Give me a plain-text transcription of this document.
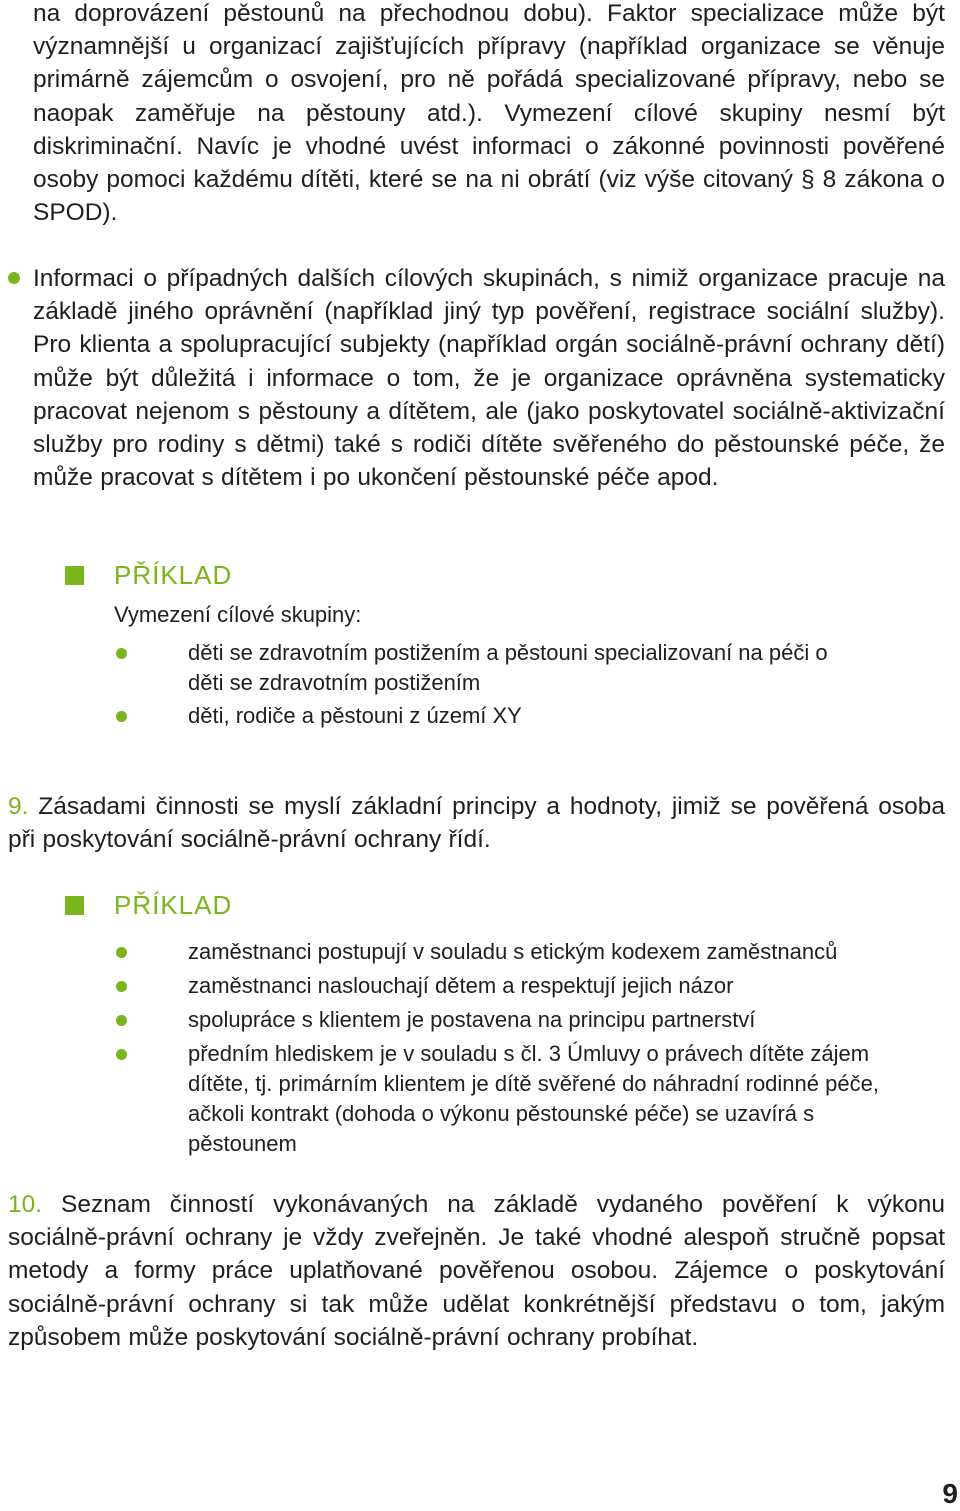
na doprovázení pěstounů na přechodnou dobu). Faktor specializace může být významnější u organizací zajišťujících přípravy (například organizace se věnuje primárně zájemcům o osvojení, pro ně pořádá specializované přípravy, nebo se naopak zaměřuje na pěstouny atd.). Vymezení cílové skupiny nesmí být diskriminační. Navíc je vhodné uvést informaci o zákonné povinnosti pověřené osoby pomoci každému dítěti, které se na ni obrátí (viz výše citovaný § 8 zákona o SPOD).

Informaci o případných dalších cílových skupinách, s nimiž organizace pracuje na základě jiného oprávnění (například jiný typ pověření, registrace sociální služby). Pro klienta a spolupracující subjekty (například orgán sociálně-právní ochrany dětí) může být důležitá i informace o tom, že je organizace oprávněna systematicky pracovat nejenom s pěstouny a dítětem, ale (jako poskytovatel sociálně-aktivizační služby pro rodiny s dětmi) také s rodiči dítěte svěřeného do pěstounské péče, že může pracovat s dítětem i po ukončení pěstounské péče apod.

PŘÍKLAD

Vymezení cílové skupiny:

děti se zdravotním postižením a pěstouni specializovaní na péči o děti se zdravotním postižením
děti, rodiče a pěstouni z území XY

9. Zásadami činnosti se myslí základní principy a hodnoty, jimiž se pověřená osoba při poskytování sociálně-právní ochrany řídí.

PŘÍKLAD
zaměstnanci postupují v souladu s etickým kodexem zaměstnanců
zaměstnanci naslouchají dětem a respektují jejich názor
spolupráce s klientem je postavena na principu partnerství
předním hlediskem je v souladu s čl. 3 Úmluvy o právech dítěte zájem dítěte, tj. primárním klientem je dítě svěřené do náhradní rodinné péče, ačkoli kontrakt (dohoda o výkonu pěstounské péče) se uzavírá s pěstounem

10. Seznam činností vykonávaných na základě vydaného pověření k výkonu sociálně-právní ochrany je vždy zveřejněn. Je také vhodné alespoň stručně popsat metody a formy práce uplatňované pověřenou osobou. Zájemce o poskytování sociálně-právní ochrany si tak může udělat konkrétnější představu o tom, jakým způsobem může poskytování sociálně-právní ochrany probíhat.

9
